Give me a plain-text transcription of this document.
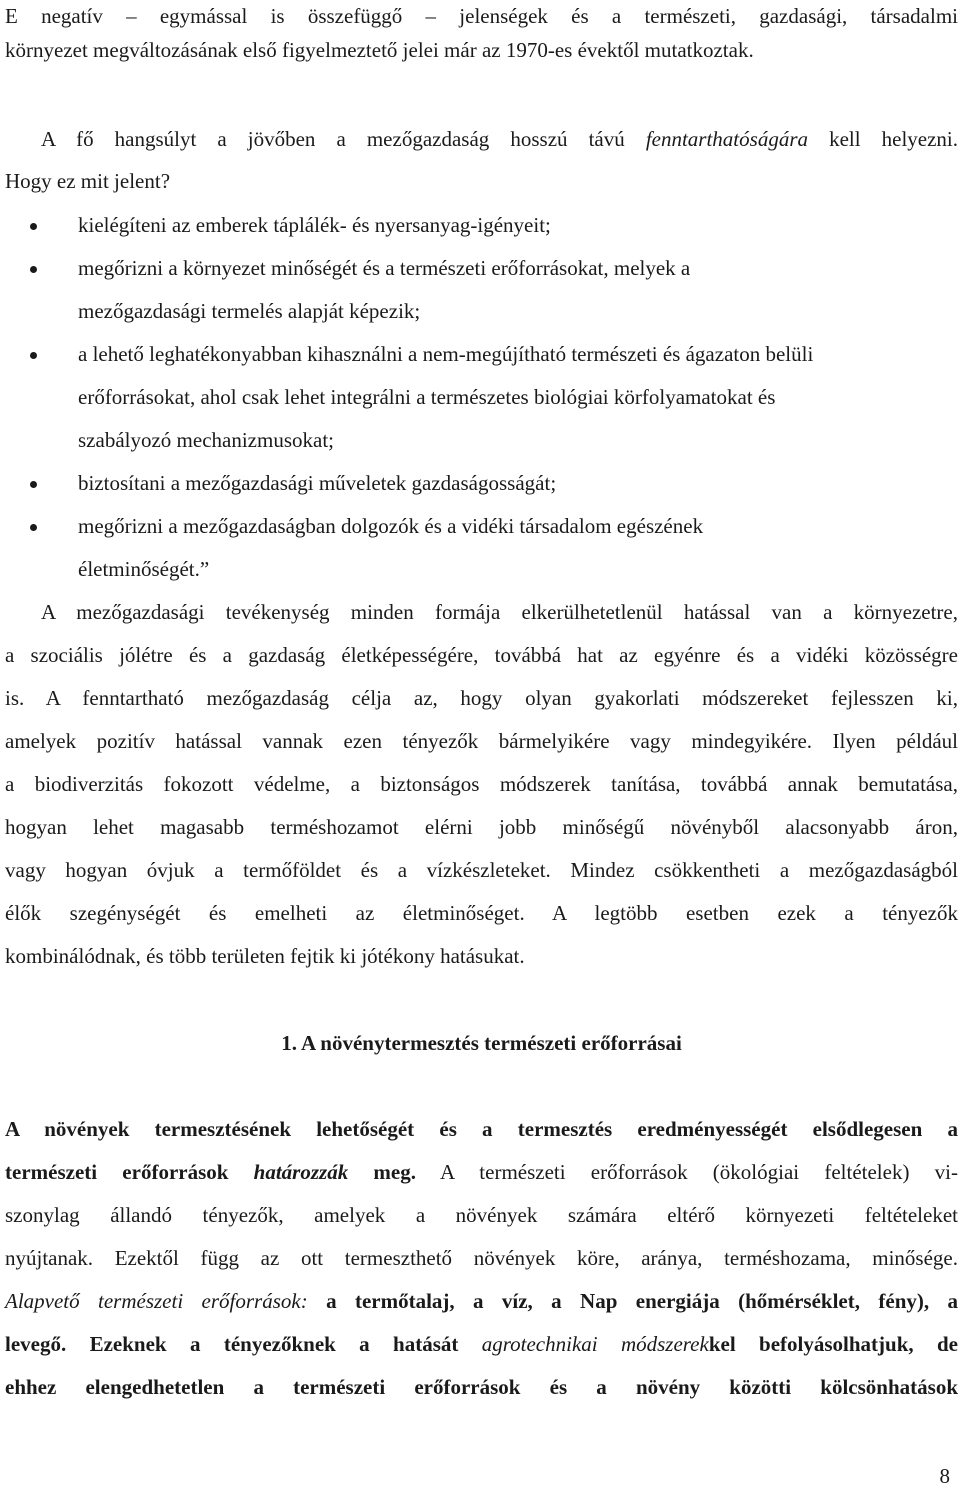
E negatív – egymással is összefüggő – jelenségek és a természeti, gazdasági, társadalmi
környezet megváltozásának első figyelmeztető jelei már az 1970-es évektől mutatkoztak.
A fő hangsúlyt a jövőben a mezőgazdaság hosszú távú fenntarthatóságára kell helyezni.
Hogy ez mit jelent?
kielégíteni az emberek táplálék- és nyersanyag-igényeit;
megőrizni a környezet minőségét és a természeti erőforrásokat, melyek a
mezőgazdasági termelés alapját képezik;
a lehető leghatékonyabban kihasználni a nem-megújítható természeti és ágazaton belüli
erőforrásokat, ahol csak lehet integrálni a természetes biológiai körfolyamatokat és
szabályozó mechanizmusokat;
biztosítani a mezőgazdasági műveletek gazdaságosságát;
megőrizni a mezőgazdaságban dolgozók és a vidéki társadalom egészének
életminőségét.”
A mezőgazdasági tevékenység minden formája elkerülhetetlenül hatással van a környezetre,
a szociális jólétre és a gazdaság életképességére, továbbá hat az egyénre és a vidéki közösségre
is. A fenntartható mezőgazdaság célja az, hogy olyan gyakorlati módszereket fejlesszen ki,
amelyek pozitív hatással vannak ezen tényezők bármelyikére vagy mindegyikére. Ilyen például
a biodiverzitás fokozott védelme, a biztonságos módszerek tanítása, továbbá annak bemutatása,
hogyan lehet magasabb terméshozamot elérni jobb minőségű növényből alacsonyabb áron,
vagy hogyan óvjuk a termőföldet és a vízkészleteket. Mindez csökkentheti a mezőgazdaságból
élők szegénységét és emelheti az életminőséget. A legtöbb esetben ezek a tényezők
kombinálódnak, és több területen fejtik ki jótékony hatásukat.
1. A növénytermesztés természeti erőforrásai
A növények termesztésének lehetőségét és a termesztés eredményességét elsődlegesen a
természeti erőforrások határozzák meg. A természeti erőforrások (ökológiai feltételek) vi-
szonylag állandó tényezők, amelyek a növények számára eltérő környezeti feltételeket
nyújtanak. Ezektől függ az ott termeszthető növények köre, aránya, terméshozama, minősége.
Alapvető természeti erőforrások: a termőtalaj, a víz, a Nap energiája (hőmérséklet, fény), a
levegő. Ezeknek a tényezőknek a hatását agrotechnikai módszerekkel befolyásolhatjuk, de
ehhez elengedhetetlen a természeti erőforrások és a növény közötti kölcsönhatások
8
